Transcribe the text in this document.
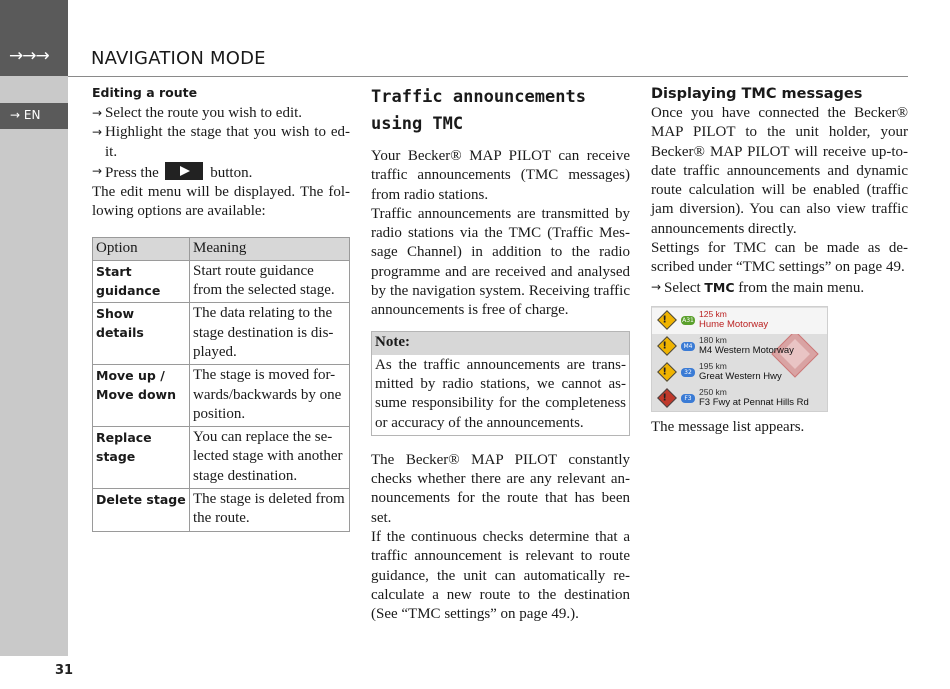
→→→
→ EN
31
NAVIGATION MODE
Editing a route
→ Select the route you wish to edit.
→ Highlight the stage that you wish to ed-it.
→ Press the	button.

The edit menu will be displayed. The fol-lowing options are available:

Option	Meaning
Start guidance	Start route guidance from the selected stage.
Show details	The data relating to the stage destination is dis-played.
Move up / Move down	The stage is moved for-wards/backwards by one position.
Replace stage	You can replace the se-lected stage with another stage destination.
Delete stage	The stage is deleted from the route.
Traffic announcements
using TMC

Your Becker® MAP PILOT can receive traffic announcements (TMC messages) from radio stations.

Traffic announcements are transmitted by radio stations via the TMC (Traffic Mes-sage Channel) in addition to the radio programme and are received and analysed by the navigation system. Receiving traffic announcements is free of charge.

Note:
As the traffic announcements are trans-mitted by radio stations, we cannot as-sume responsibility for the completeness or accuracy of the announcements.

The Becker® MAP PILOT constantly checks whether there are any relevant an-nouncements for the route that has been set.

If the continuous checks determine that a traffic announcement is relevant to route guidance, the unit can automatically re-calculate a new route to the destination (See “TMC settings” on page 49.).

Displaying TMC messages

Once you have connected the Becker® MAP PILOT to the unit holder, your Becker® MAP PILOT will receive up-to-date traffic announcements and dynamic route calculation will be enabled (traffic jam diversion). You can also view traffic announcements directly.

Settings for TMC can be made as de-scribed under “TMC settings” on page 49.

→ Select TMC from the main menu.
!	A31
125 km
Hume Motorway
!	M4
180 km
M4 Western Motorway
!	32
195 km
Great Western Hwy
!	F3
250 km
F3 Fwy at Pennat Hills Rd

The message list appears.
